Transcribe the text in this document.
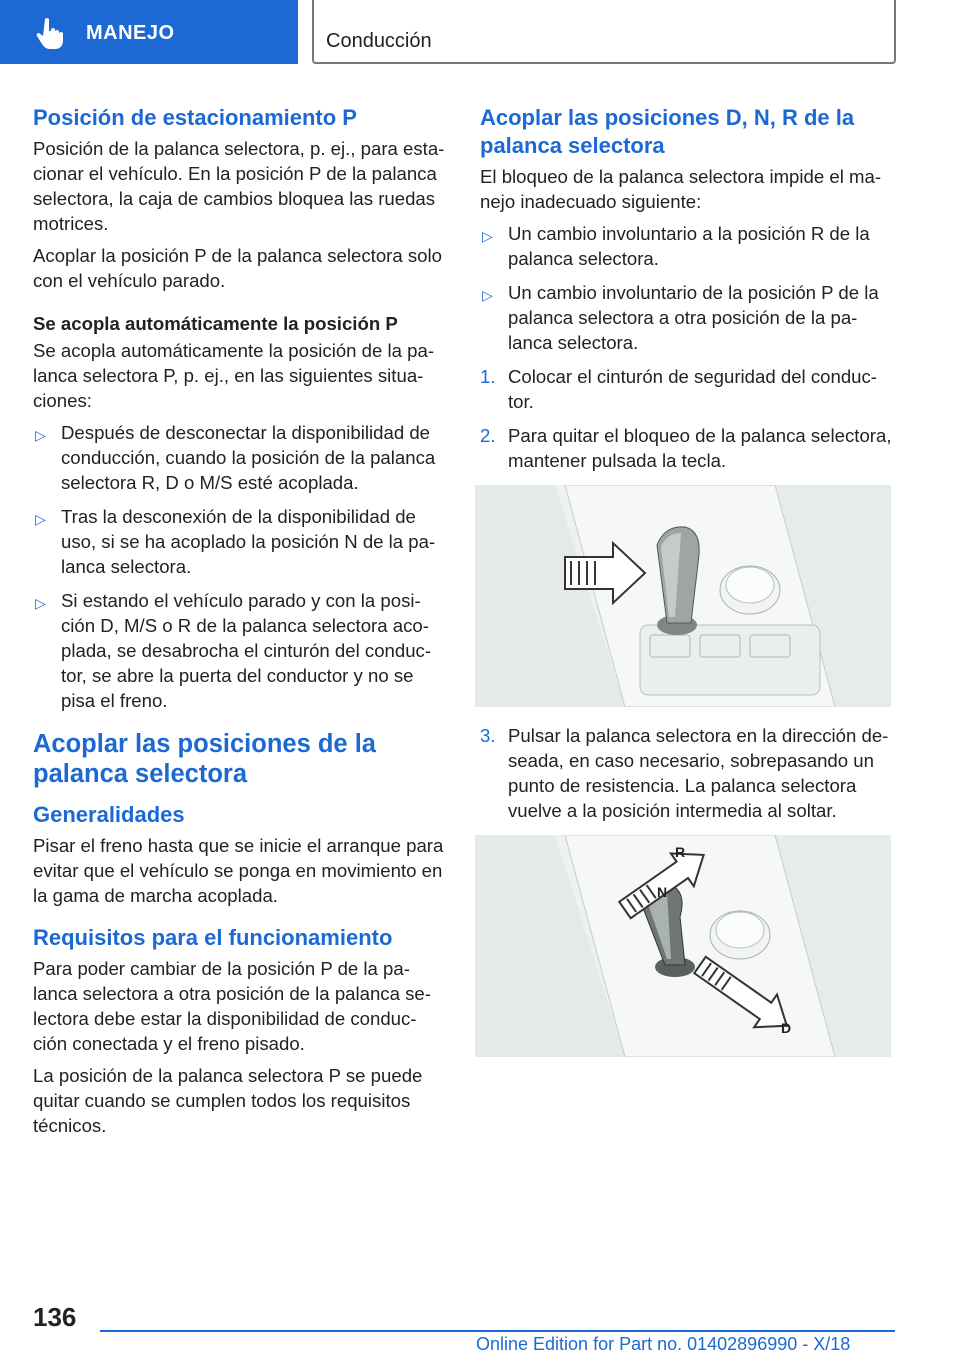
MANEJO	Conducción
Posición de estacionamiento P

Posición de la palanca selectora, p. ej., para esta- cionar el vehículo. En la posición P de la palanca selectora, la caja de cambios bloquea las ruedas motrices.

Acoplar la posición P de la palanca selectora solo con el vehículo parado.

Se acopla automáticamente la posición P

Se acopla automáticamente la posición de la pa- lanca selectora P, p. ej., en las siguientes situa- ciones:

▷ Después de desconectar la disponibilidad de conducción, cuando la posición de la palanca selectora R, D o M/S esté acoplada.
▷ Tras la desconexión de la disponibilidad de uso, si se ha acoplado la posición N de la pa- lanca selectora.
▷ Si estando el vehículo parado y con la posi- ción D, M/S o R de la palanca selectora aco- plada, se desabrocha el cinturón del conduc- tor, se abre la puerta del conductor y no se pisa el freno.
Acoplar las posiciones de la palanca selectora
Generalidades

Pisar el freno hasta que se inicie el arranque para evitar que el vehículo se ponga en movimiento en la gama de marcha acoplada.

Requisitos para el funcionamiento

Para poder cambiar de la posición P de la pa- lanca selectora a otra posición de la palanca se- lectora debe estar la disponibilidad de conduc- ción conectada y el freno pisado.

La posición de la palanca selectora P se puede quitar cuando se cumplen todos los requisitos técnicos.

Acoplar las posiciones D, N, R de la palanca selectora

El bloqueo de la palanca selectora impide el ma- nejo inadecuado siguiente:

▷ Un cambio involuntario a la posición R de la palanca selectora.
▷ Un cambio involuntario de la posición P de la palanca selectora a otra posición de la pa- lanca selectora.
1. Colocar el cinturón de seguridad del conduc- tor.
2. Para quitar el bloqueo de la palanca selectora, mantener pulsada la tecla.
3. Pulsar la palanca selectora en la dirección de- seada, en caso necesario, sobrepasando un punto de resistencia. La palanca selectora vuelve a la posición intermedia al soltar.
R
N
D
136
Online Edition for Part no. 01402896990 - X/18
